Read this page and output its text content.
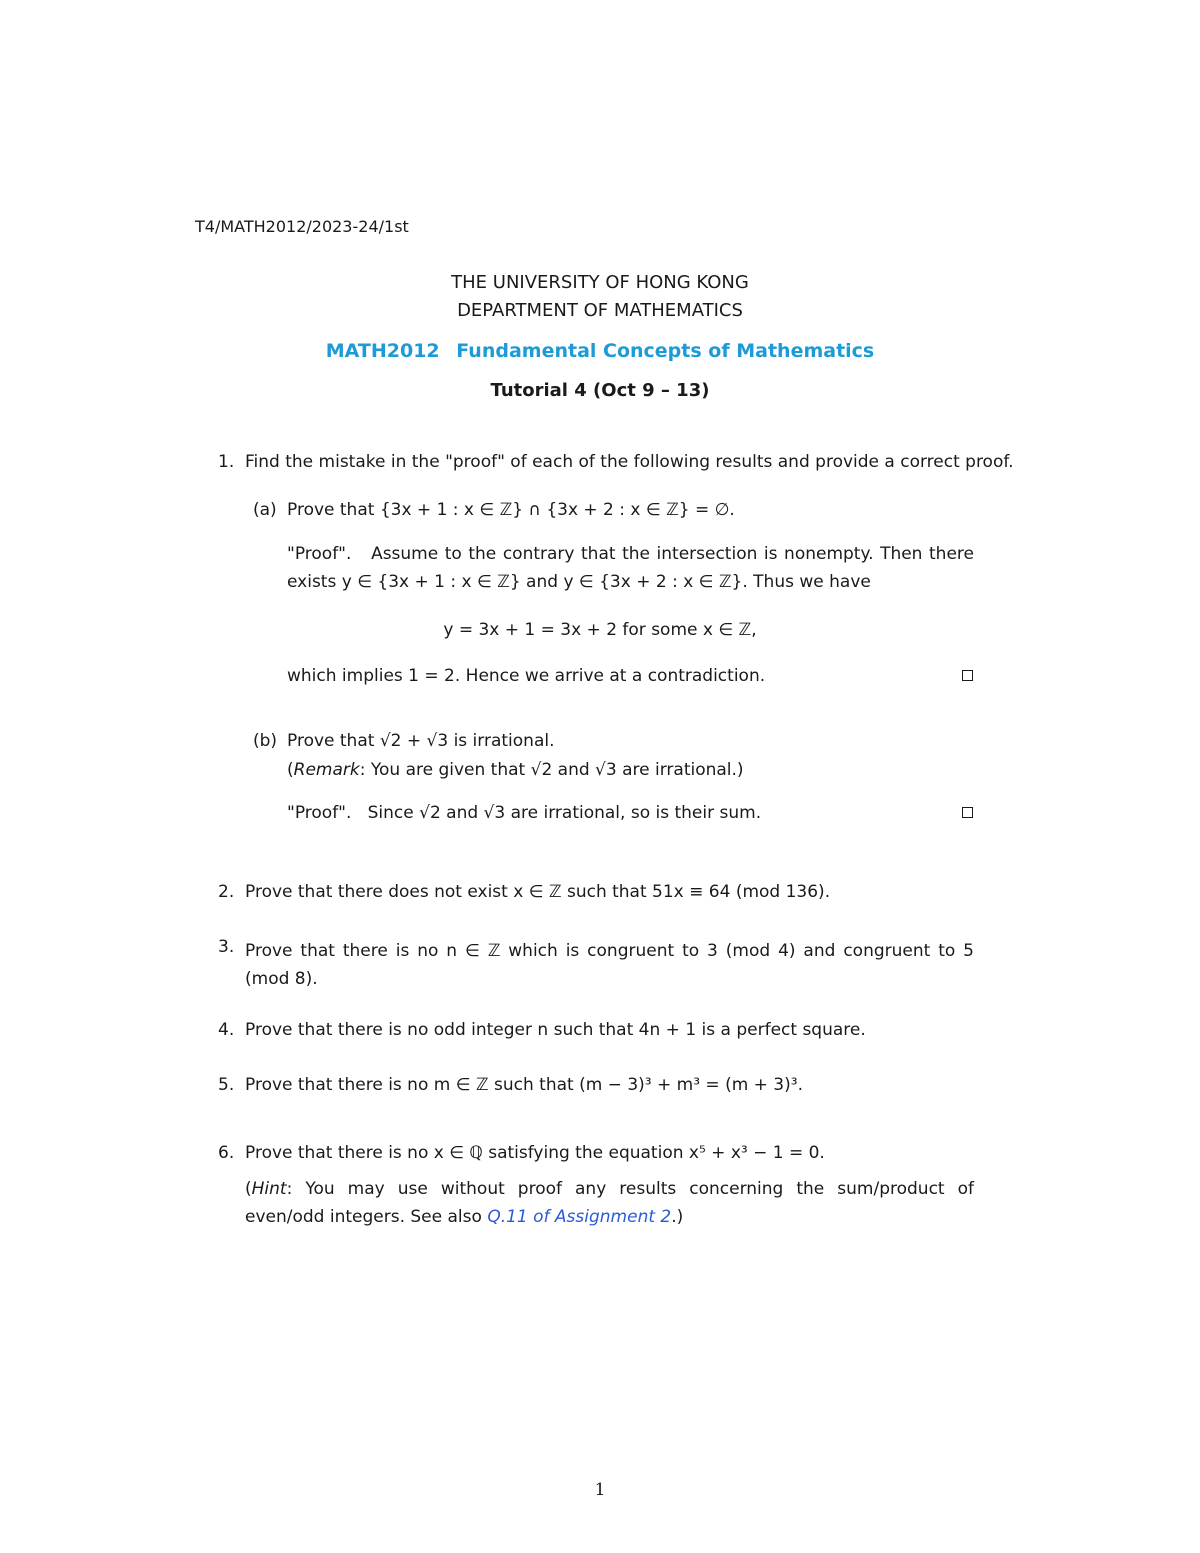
T4/MATH2012/2023-24/1st
THE UNIVERSITY OF HONG KONG
DEPARTMENT OF MATHEMATICS
MATH2012 Fundamental Concepts of Mathematics
Tutorial 4 (Oct 9 – 13)
1. Find the mistake in the "proof" of each of the following results and provide a correct proof.
(a) Prove that {3x + 1 : x ∈ ℤ} ∩ {3x + 2 : x ∈ ℤ} = ∅.
"Proof". Assume to the contrary that the intersection is nonempty. Then there exists y ∈ {3x + 1 : x ∈ ℤ} and y ∈ {3x + 2 : x ∈ ℤ}. Thus we have
y = 3x + 1 = 3x + 2 for some x ∈ ℤ,
which implies 1 = 2. Hence we arrive at a contradiction.
(b) Prove that √2 + √3 is irrational.
(Remark: You are given that √2 and √3 are irrational.)
"Proof". Since √2 and √3 are irrational, so is their sum.
2. Prove that there does not exist x ∈ ℤ such that 51x ≡ 64 (mod 136).
3. Prove that there is no n ∈ ℤ which is congruent to 3 (mod 4) and congruent to 5 (mod 8).
4. Prove that there is no odd integer n such that 4n + 1 is a perfect square.
5. Prove that there is no m ∈ ℤ such that (m − 3)³ + m³ = (m + 3)³.
6. Prove that there is no x ∈ ℚ satisfying the equation x⁵ + x³ − 1 = 0.
(Hint: You may use without proof any results concerning the sum/product of even/odd integers. See also Q.11 of Assignment 2.)
1
